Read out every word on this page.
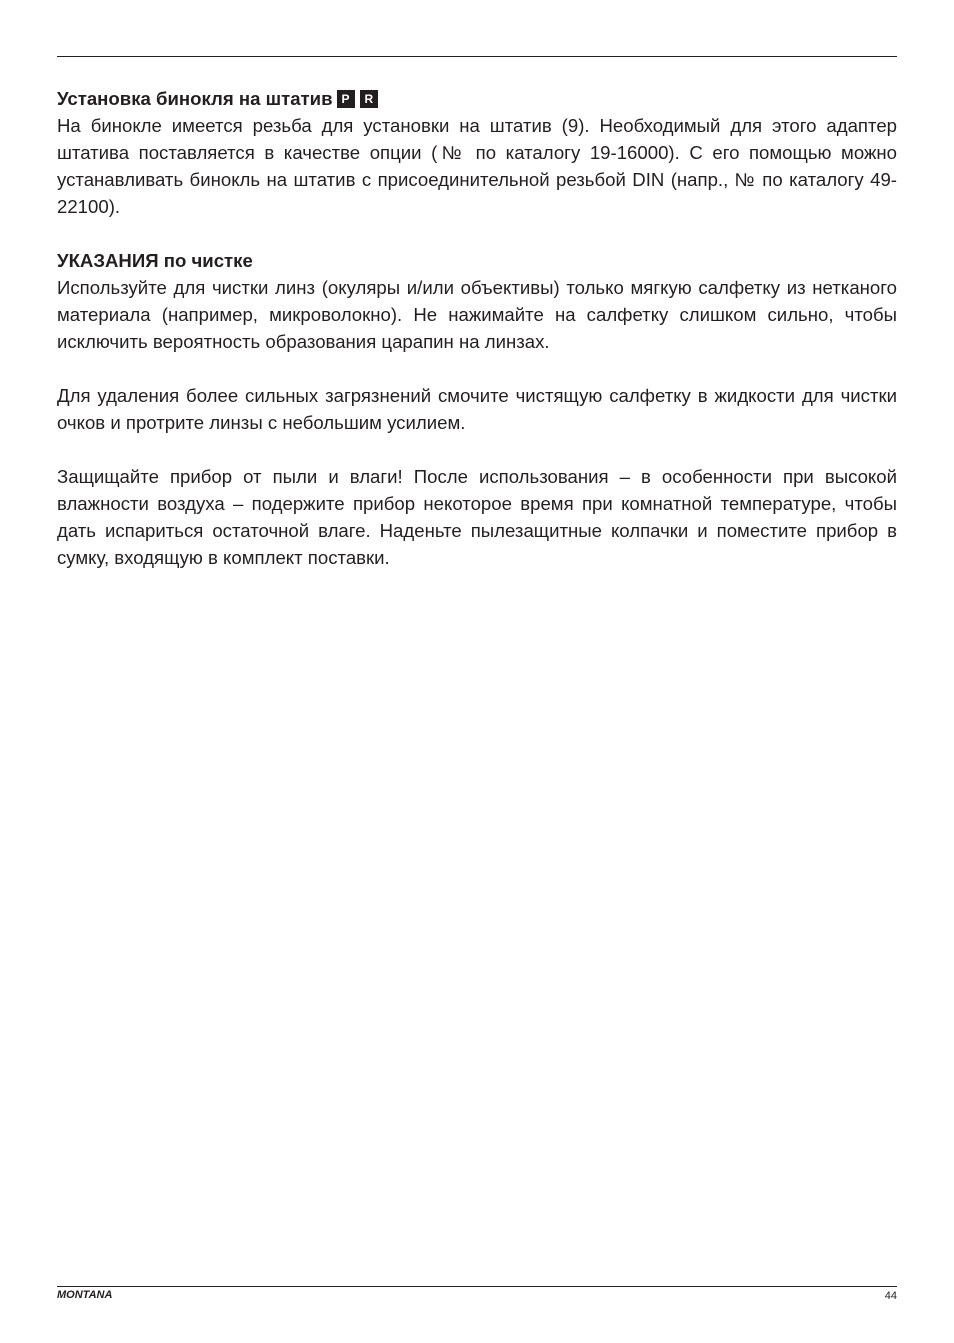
Установка бинокля на штатив P R

На бинокле имеется резьба для установки на штатив (9). Необходимый для этого адаптер штатива поставляется в качестве опции (№ по каталогу 19-16000). С его помощью можно устанавливать бинокль на штатив с присоединительной резьбой DIN (напр., № по каталогу 49-22100).

УКАЗАНИЯ по чистке

Используйте для чистки линз (окуляры и/или объективы) только мягкую салфетку из нетканого материала (например, микроволокно). Не нажимайте на салфетку слишком сильно, чтобы исключить вероятность образования царапин на линзах.

Для удаления более сильных загрязнений смочите чистящую салфетку в жидкости для чистки очков и протрите линзы с небольшим усилием.

Защищайте прибор от пыли и влаги! После использования – в особенности при высокой влажности воздуха – подержите прибор некоторое время при комнатной температуре, чтобы дать испариться остаточной влаге. Наденьте пылезащитные колпачки и поместите прибор в сумку, входящую в комплект поставки.

MONTANA	44
